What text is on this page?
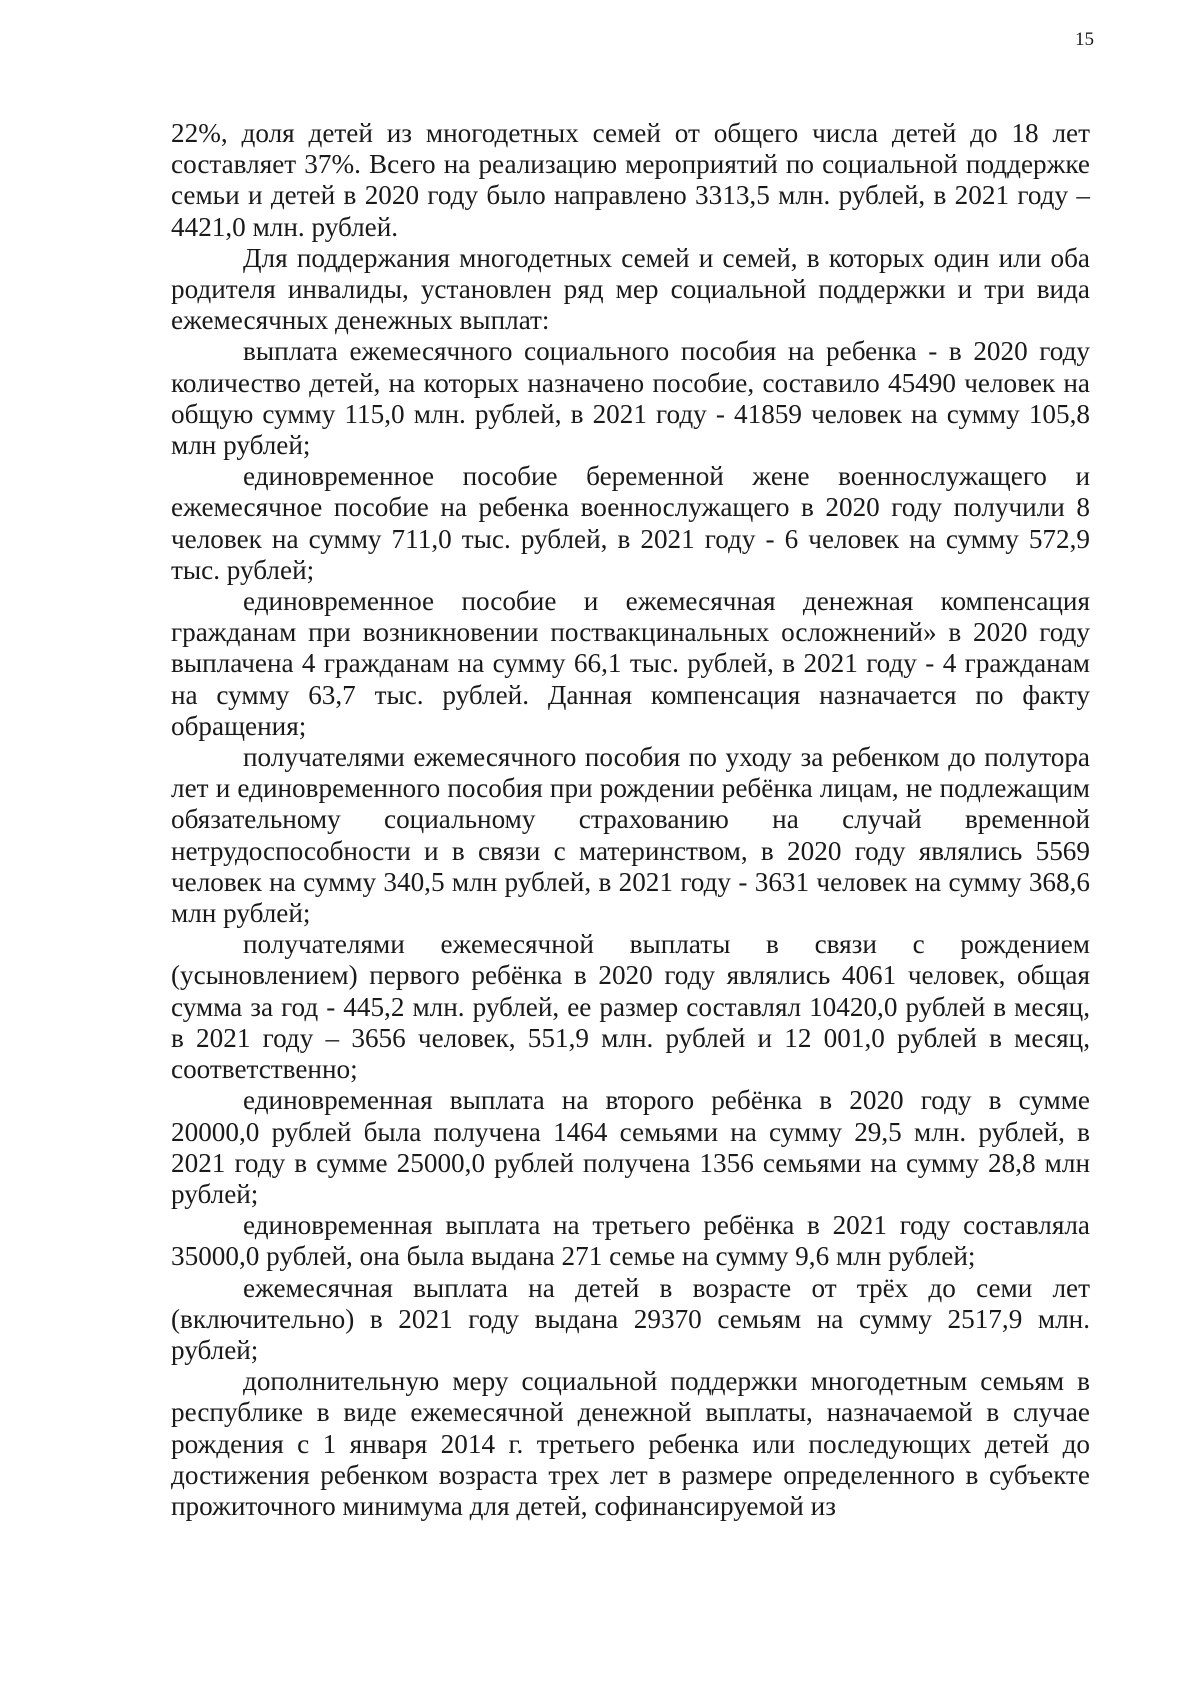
15

22%, доля детей из многодетных семей от общего числа детей до 18 лет составляет 37%. Всего на реализацию мероприятий по социальной поддержке семьи и детей в 2020 году было направлено 3313,5 млн. рублей, в 2021 году – 4421,0 млн. рублей.

Для поддержания многодетных семей и семей, в которых один или оба родителя инвалиды, установлен ряд мер социальной поддержки и три вида ежемесячных денежных выплат:

выплата ежемесячного социального пособия на ребенка - в 2020 году количество детей, на которых назначено пособие, составило 45490 человек на общую сумму 115,0 млн. рублей, в 2021 году - 41859 человек на сумму 105,8 млн рублей;

единовременное пособие беременной жене военнослужащего и ежемесячное пособие на ребенка военнослужащего в 2020 году получили 8 человек на сумму 711,0 тыс. рублей, в 2021 году - 6 человек на сумму 572,9 тыс. рублей;

единовременное пособие и ежемесячная денежная компенсация гражданам при возникновении поствакцинальных осложнений» в 2020 году выплачена 4 гражданам на сумму 66,1 тыс. рублей, в 2021 году - 4 гражданам на сумму 63,7 тыс. рублей. Данная компенсация назначается по факту обращения;

получателями ежемесячного пособия по уходу за ребенком до полутора лет и единовременного пособия при рождении ребёнка лицам, не подлежащим обязательному социальному страхованию на случай временной нетрудоспособности и в связи с материнством, в 2020 году являлись 5569 человек на сумму 340,5 млн рублей, в 2021 году - 3631 человек на сумму 368,6 млн рублей;

получателями ежемесячной выплаты в связи с рождением (усыновлением) первого ребёнка в 2020 году являлись 4061 человек, общая сумма за год - 445,2 млн. рублей, ее размер составлял 10420,0 рублей в месяц, в 2021 году – 3656 человек, 551,9 млн. рублей и 12 001,0 рублей в месяц, соответственно;

единовременная выплата на второго ребёнка в 2020 году в сумме 20000,0 рублей была получена 1464 семьями на сумму 29,5 млн. рублей, в 2021 году в сумме 25000,0 рублей получена 1356 семьями на сумму 28,8 млн рублей;

единовременная выплата на третьего ребёнка в 2021 году составляла 35000,0 рублей, она была выдана 271 семье на сумму 9,6 млн рублей;

ежемесячная выплата на детей в возрасте от трёх до семи лет (включительно) в 2021 году выдана 29370 семьям на сумму 2517,9 млн. рублей;

дополнительную меру социальной поддержки многодетным семьям в республике в виде ежемесячной денежной выплаты, назначаемой в случае рождения с 1 января 2014 г. третьего ребенка или последующих детей до достижения ребенком возраста трех лет в размере определенного в субъекте прожиточного минимума для детей, софинансируемой из
